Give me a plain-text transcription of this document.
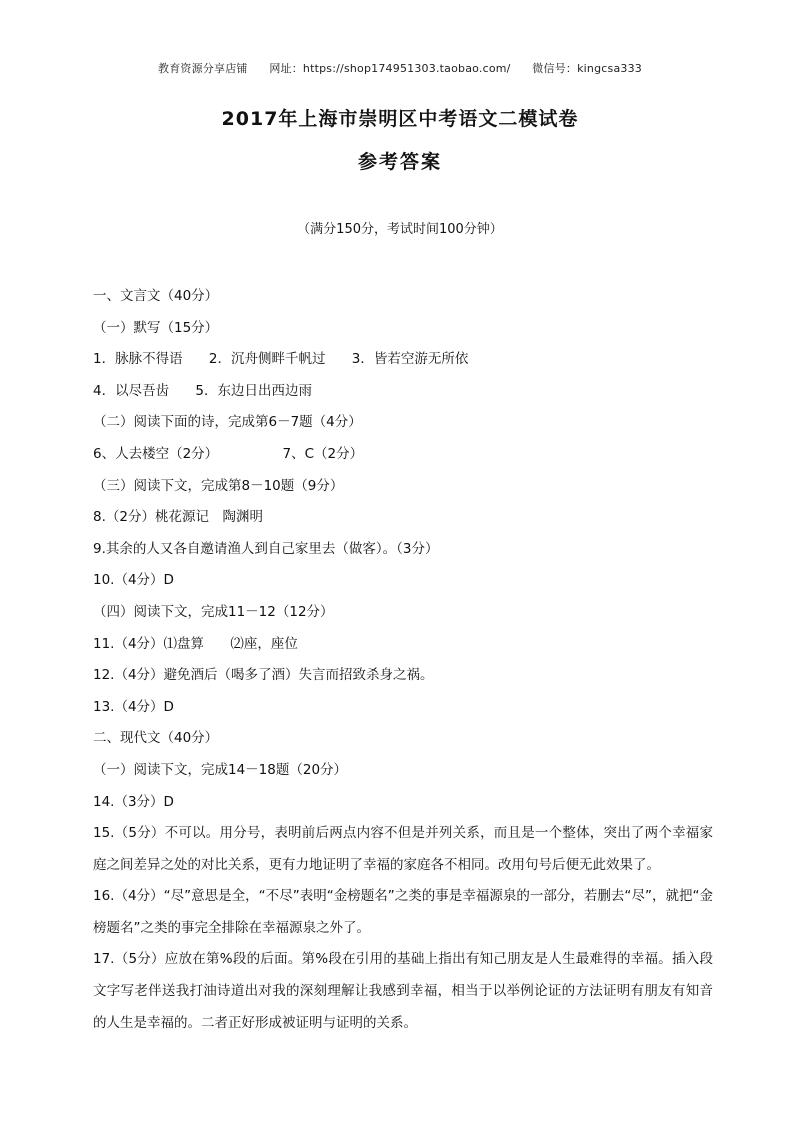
教育资源分享店铺 网址：https://shop174951303.taobao.com/ 微信号：kingcsa333
2017年上海市崇明区中考语文二模试卷
参考答案
（满分150分，考试时间100分钟）
一、文言文（40分）
（一）默写（15分）
1．脉脉不得语 2．沉舟侧畔千帆过 3．皆若空游无所依
4．以尽吾齿 5．东边日出西边雨
（二）阅读下面的诗，完成第6－7题（4分）
6、人去楼空（2分）	7、C（2分）
（三）阅读下文，完成第8－10题（9分）
8.（2分）桃花源记　陶渊明
9.其余的人又各自邀请渔人到自己家里去（做客）。（3分）
10.（4分）D
（四）阅读下文，完成11－12（12分）
11.（4分）⑴盘算 ⑵座，座位
12.（4分）避免酒后（喝多了酒）失言而招致杀身之祸。
13.（4分）D
二、现代文（40分）
（一）阅读下文，完成14－18题（20分）
14.（3分）D
15.（5分）不可以。用分号，表明前后两点内容不但是并列关系，而且是一个整体，突出了两个幸福家庭之间差异之处的对比关系，更有力地证明了幸福的家庭各不相同。改用句号后便无此效果了。
16.（4分）“尽”意思是全，“不尽”表明“金榜题名”之类的事是幸福源泉的一部分，若删去“尽”，就把“金榜题名”之类的事完全排除在幸福源泉之外了。
17.（5分）应放在第%段的后面。第%段在引用的基础上指出有知己朋友是人生最难得的幸福。插入段文字写老伴送我打油诗道出对我的深刻理解让我感到幸福，相当于以举例论证的方法证明有朋友有知音的人生是幸福的。二者正好形成被证明与证明的关系。
